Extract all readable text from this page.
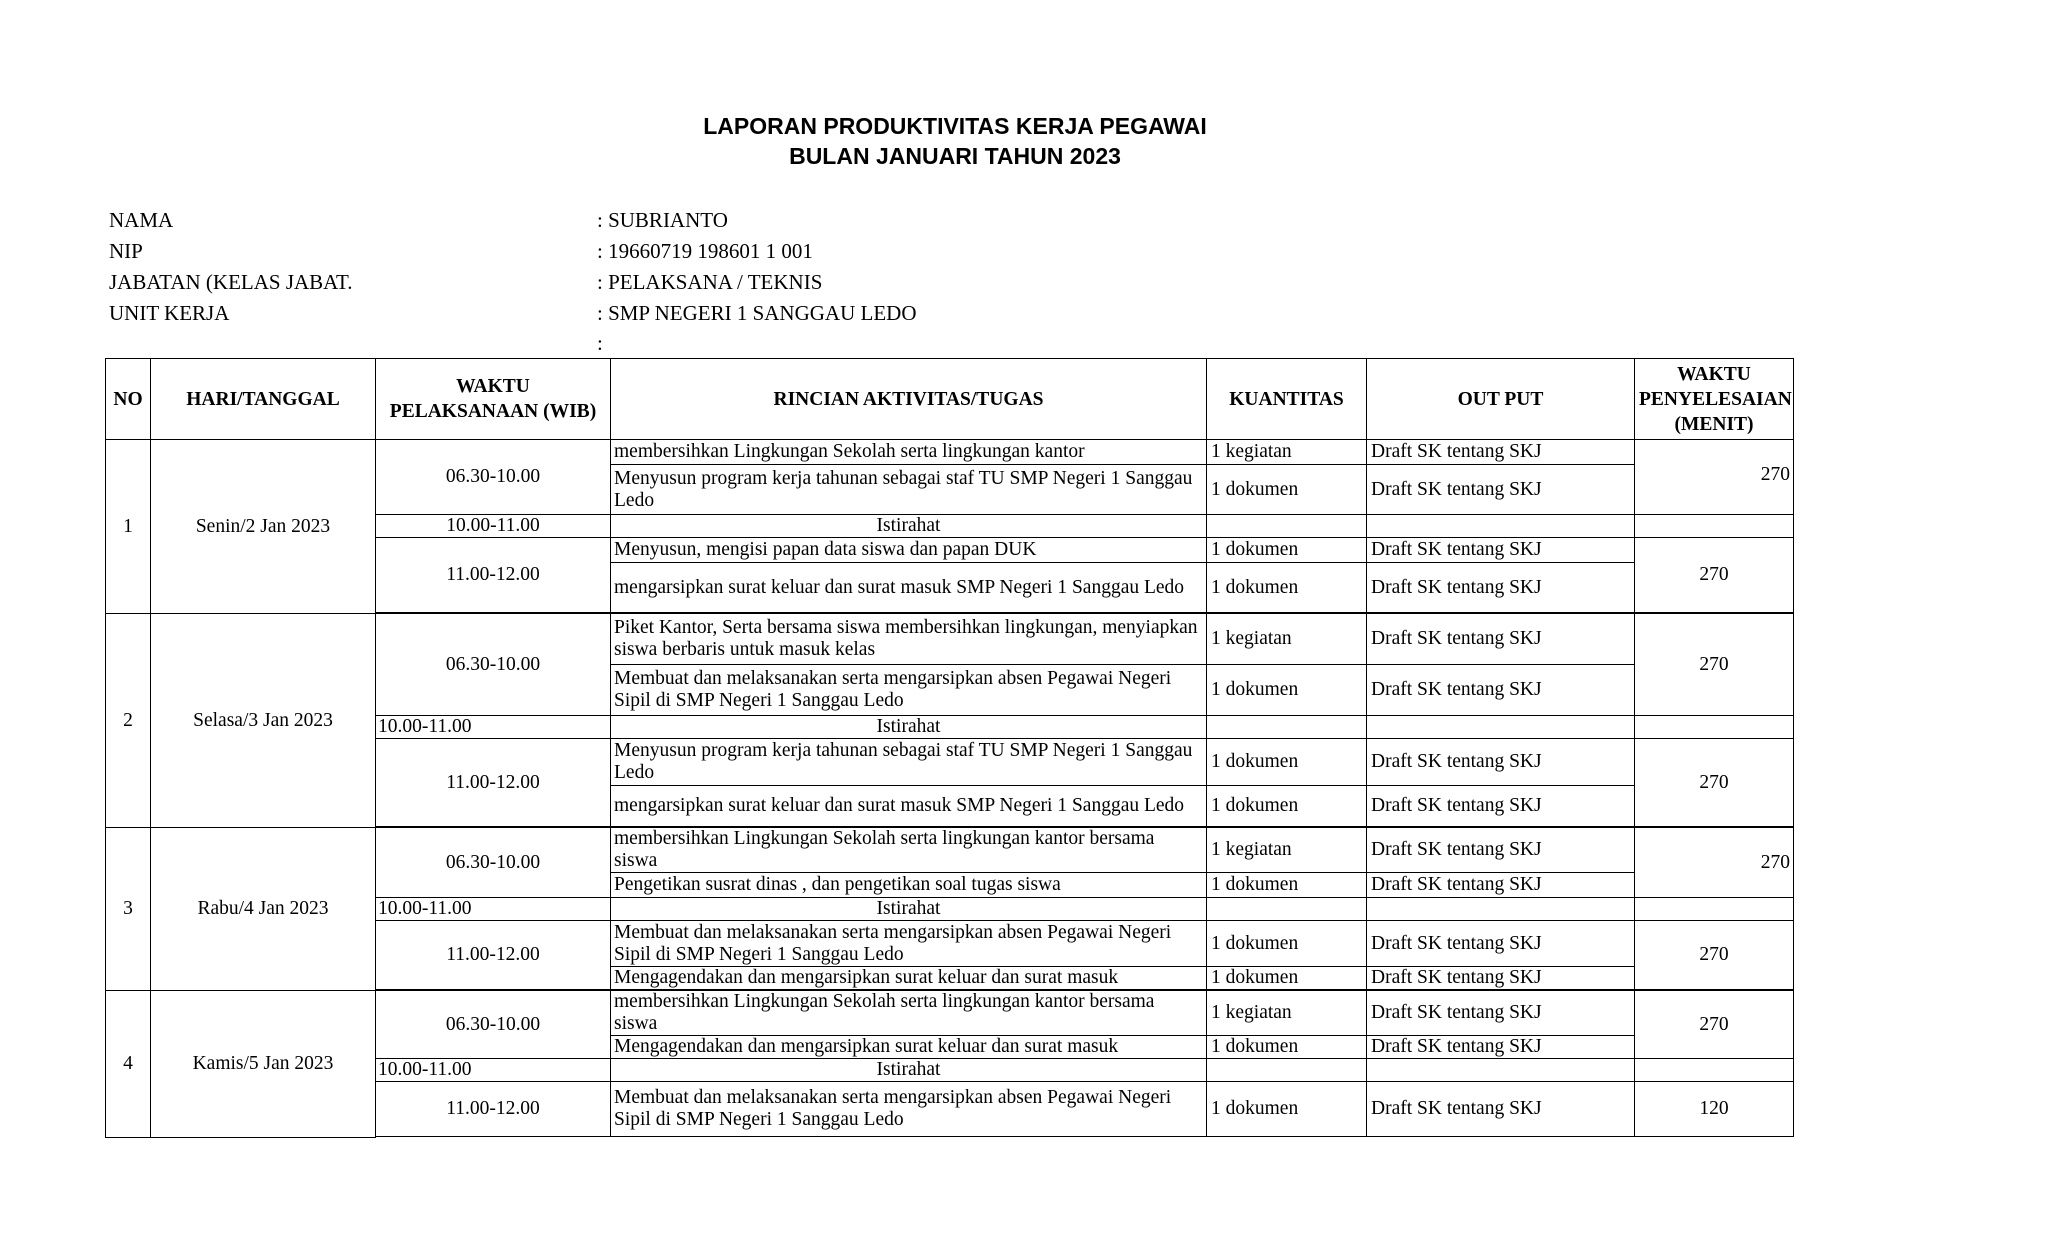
LAPORAN PRODUKTIVITAS KERJA PEGAWAI
BULAN JANUARI TAHUN 2023
NAMA	: SUBRIANTO
NIP	: 19660719 198601 1 001
JABATAN (KELAS JABAT.	: PELAKSANA / TEKNIS
UNIT KERJA	: SMP NEGERI 1 SANGGAU LEDO
:
NO	HARI/TANGGAL	WAKTU PELAKSANAAN (WIB)	RINCIAN AKTIVITAS/TUGAS	KUANTITAS	OUT PUT	WAKTU PENYELESAIAN (MENIT)
1	Senin/2 Jan 2023	06.30-10.00	membersihkan Lingkungan Sekolah serta lingkungan kantor	1 kegiatan	Draft SK tentang SKJ	270
			Menyusun program kerja tahunan sebagai staf TU SMP Negeri 1 Sanggau Ledo	1 dokumen	Draft SK tentang SKJ	
		10.00-11.00	Istirahat			
		11.00-12.00	Menyusun, mengisi papan data siswa dan papan DUK	1 dokumen	Draft SK tentang SKJ	270
			mengarsipkan surat keluar dan surat masuk SMP Negeri 1 Sanggau Ledo	1 dokumen	Draft SK tentang SKJ	

2	Selasa/3 Jan 2023	06.30-10.00	Piket Kantor, Serta bersama siswa membersihkan lingkungan, menyiapkan siswa berbaris untuk masuk kelas	1 kegiatan	Draft SK tentang SKJ	270
			Membuat dan melaksanakan serta mengarsipkan absen Pegawai Negeri Sipil di SMP Negeri 1 Sanggau Ledo	1 dokumen	Draft SK tentang SKJ	
		10.00-11.00	Istirahat			
		11.00-12.00	Menyusun program kerja tahunan sebagai staf TU SMP Negeri 1 Sanggau Ledo	1 dokumen	Draft SK tentang SKJ	270
			mengarsipkan surat keluar dan surat masuk SMP Negeri 1 Sanggau Ledo	1 dokumen	Draft SK tentang SKJ	

3	Rabu/4 Jan 2023	06.30-10.00	membersihkan Lingkungan Sekolah serta lingkungan kantor bersama siswa	1 kegiatan	Draft SK tentang SKJ	270
			Pengetikan susrat dinas , dan pengetikan soal tugas siswa	1 dokumen	Draft SK tentang SKJ	
		10.00-11.00	Istirahat			
		11.00-12.00	Membuat dan melaksanakan serta mengarsipkan absen Pegawai Negeri Sipil di SMP Negeri 1 Sanggau Ledo	1 dokumen	Draft SK tentang SKJ	270
			Mengagendakan dan mengarsipkan surat keluar dan surat masuk	1 dokumen	Draft SK tentang SKJ	

4	Kamis/5 Jan 2023	06.30-10.00	membersihkan Lingkungan Sekolah serta lingkungan kantor bersama siswa	1 kegiatan	Draft SK tentang SKJ	270
			Mengagendakan dan mengarsipkan surat keluar dan surat masuk	1 dokumen	Draft SK tentang SKJ	
		10.00-11.00	Istirahat			
		11.00-12.00	Membuat dan melaksanakan serta mengarsipkan absen Pegawai Negeri Sipil di SMP Negeri 1 Sanggau Ledo	1 dokumen	Draft SK tentang SKJ	120
